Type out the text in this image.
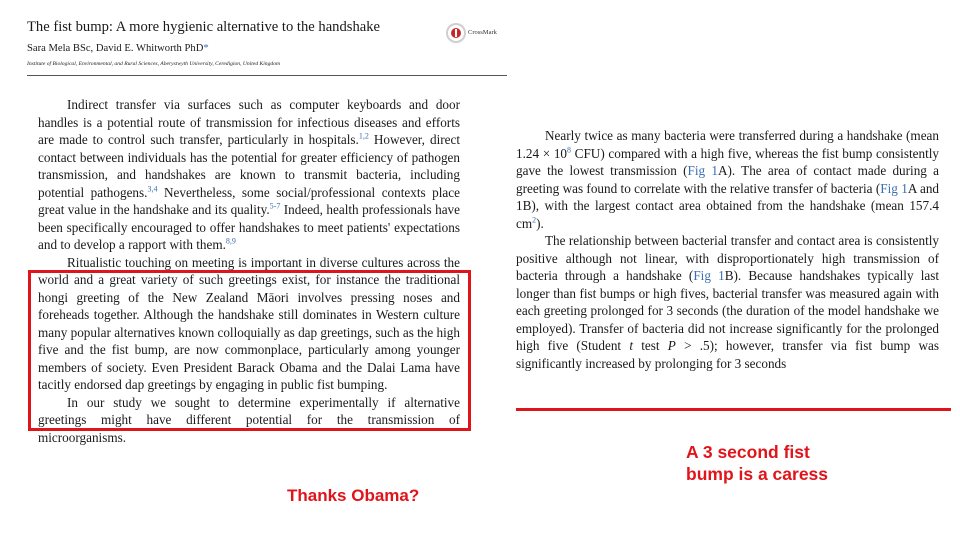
The fist bump: A more hygienic alternative to the handshake
Sara Mela BSc, David E. Whitworth PhD*
Institute of Biological, Environmental, and Rural Sciences, Aberystwyth University, Ceredigion, United Kingdom
CrossMark

Indirect transfer via surfaces such as computer keyboards and door handles is a potential route of transmission for infectious diseases and efforts are made to control such transfer, particularly in hospitals.$^{1,2}$ However, direct contact between individuals has the potential for greater efficiency of pathogen transmission, and handshakes are known to transmit bacteria, including potential pathogens.$^{3,4}$ Nevertheless, some social/professional contexts place great value in the handshake and its quality.$^{5-7}$ Indeed, health professionals have been specifically encouraged to offer handshakes to meet patients' expectations and to develop a rapport with them.$^{8,9}$

Ritualistic touching on meeting is important in diverse cultures across the world and a great variety of such greetings exist, for instance the traditional hongi greeting of the New Zealand Māori involves pressing noses and foreheads together. Although the handshake still dominates in Western culture many popular alternatives known colloquially as dap greetings, such as the high five and the fist bump, are now commonplace, particularly among younger members of society. Even President Barack Obama and the Dalai Lama have tacitly endorsed dap greetings by engaging in public fist bumping.

In our study we sought to determine experimentally if alternative greetings might have different potential for the transmission of microorganisms.

Nearly twice as many bacteria were transferred during a handshake (mean $1.24 \times 10^8$ CFU) compared with a high five, whereas the fist bump consistently gave the lowest transmission (Fig 1A). The area of contact made during a greeting was found to correlate with the relative transfer of bacteria (Fig 1A and 1B), with the largest contact area obtained from the handshake (mean 157.4 $cm^2$).

The relationship between bacterial transfer and contact area is consistently positive although not linear, with disproportionately high transmission of bacteria through a handshake (Fig 1B). Because handshakes typically last longer than fist bumps or high fives, bacterial transfer was measured again with each greeting prolonged for 3 seconds (the duration of the model handshake we employed). Transfer of bacteria did not increase significantly for the prolonged high five (Student t test P > .5); however, transfer via fist bump was significantly increased by prolonging for 3 seconds

Thanks Obama?
A 3 second fist
bump is a caress
